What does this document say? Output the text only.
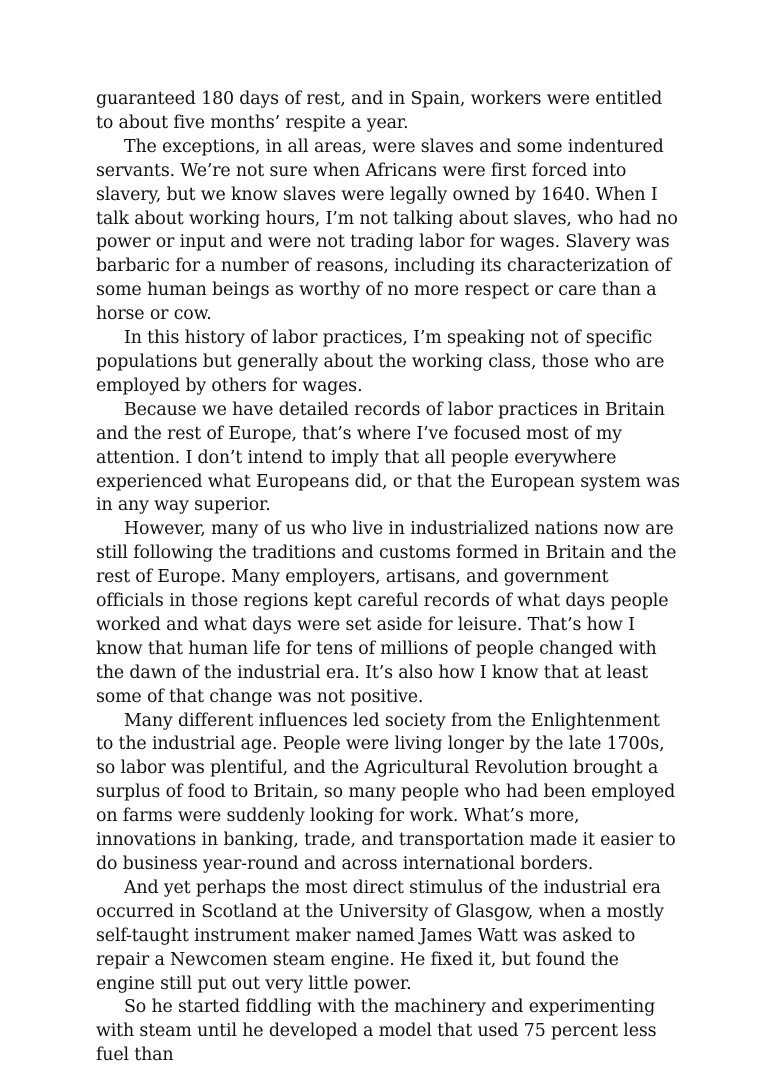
guaranteed 180 days of rest, and in Spain, workers were entitled to about five months’ respite a year.

The exceptions, in all areas, were slaves and some indentured servants. We’re not sure when Africans were first forced into slavery, but we know slaves were legally owned by 1640. When I talk about working hours, I’m not talking about slaves, who had no power or input and were not trading labor for wages. Slavery was barbaric for a number of reasons, including its characterization of some human beings as worthy of no more respect or care than a horse or cow.

In this history of labor practices, I’m speaking not of specific populations but generally about the working class, those who are employed by others for wages.

Because we have detailed records of labor practices in Britain and the rest of Europe, that’s where I’ve focused most of my attention. I don’t intend to imply that all people everywhere experienced what Europeans did, or that the European system was in any way superior.

However, many of us who live in industrialized nations now are still following the traditions and customs formed in Britain and the rest of Europe. Many employers, artisans, and government officials in those regions kept careful records of what days people worked and what days were set aside for leisure. That’s how I know that human life for tens of millions of people changed with the dawn of the industrial era. It’s also how I know that at least some of that change was not positive.

Many different influences led society from the Enlightenment to the industrial age. People were living longer by the late 1700s, so labor was plentiful, and the Agricultural Revolution brought a surplus of food to Britain, so many people who had been employed on farms were suddenly looking for work. What’s more, innovations in banking, trade, and transportation made it easier to do business year-round and across international borders.

And yet perhaps the most direct stimulus of the industrial era occurred in Scotland at the University of Glasgow, when a mostly self-taught instrument maker named James Watt was asked to repair a Newcomen steam engine. He fixed it, but found the engine still put out very little power.

So he started fiddling with the machinery and experimenting with steam until he developed a model that used 75 percent less fuel than
